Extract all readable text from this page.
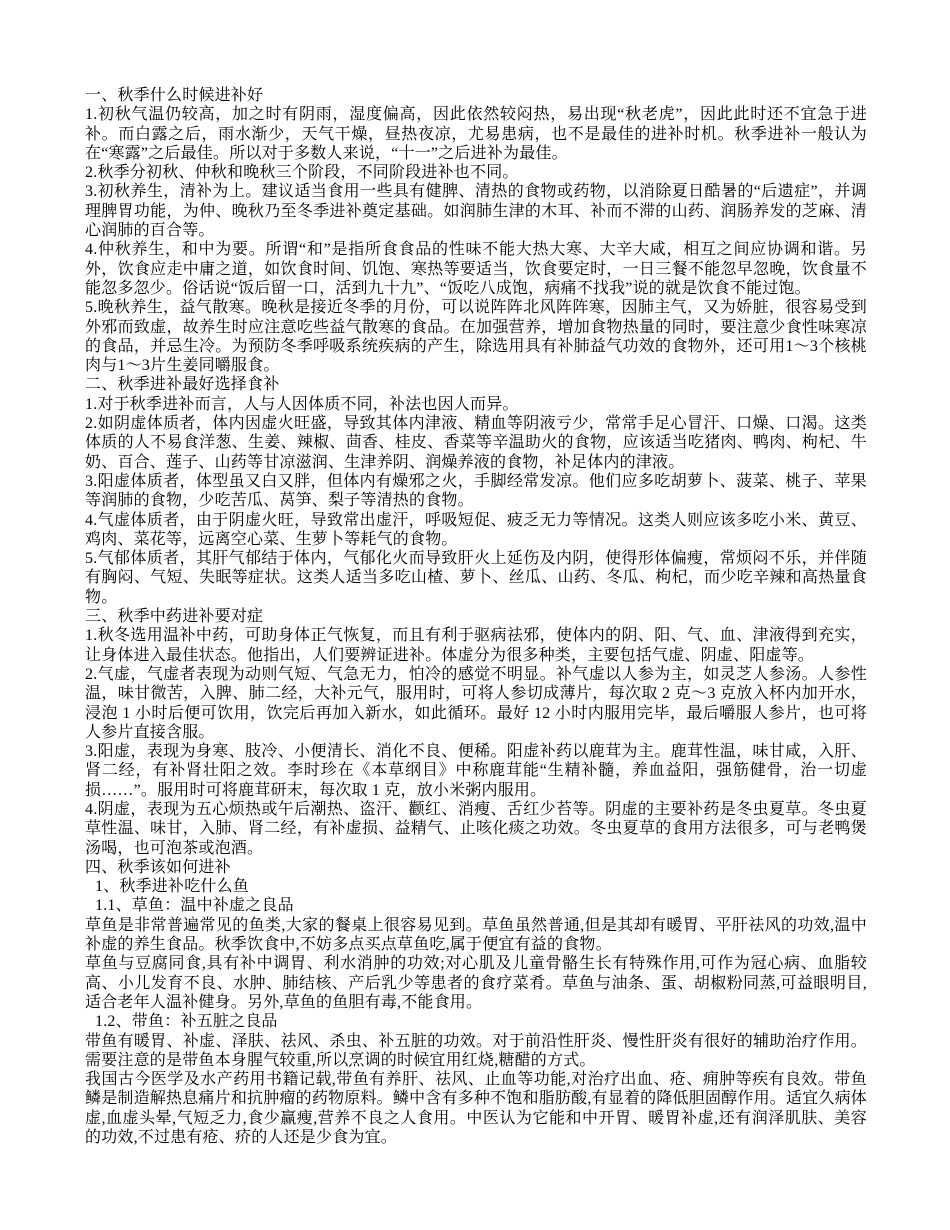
一、秋季什么时候进补好

1.初秋气温仍较高，加之时有阴雨，湿度偏高，因此依然较闷热，易出现“秋老虎”，因此此时还不宜急于进补。而白露之后，雨水渐少，天气干燥，昼热夜凉，尤易患病，也不是最佳的进补时机。秋季进补一般认为在“寒露”之后最佳。所以对于多数人来说，“十一”之后进补为最佳。

2.秋季分初秋、仲秋和晚秋三个阶段，不同阶段进补也不同。

3.初秋养生，清补为上。建议适当食用一些具有健脾、清热的食物或药物，以消除夏日酷暑的“后遗症”，并调理脾胃功能，为仲、晚秋乃至冬季进补奠定基础。如润肺生津的木耳、补而不滞的山药、润肠养发的芝麻、清心润肺的百合等。

4.仲秋养生，和中为要。所谓“和”是指所食食品的性味不能大热大寒、大辛大咸，相互之间应协调和谐。另外，饮食应走中庸之道，如饮食时间、饥饱、寒热等要适当，饮食要定时，一日三餐不能忽早忽晚，饮食量不能忽多忽少。俗话说“饭后留一口，活到九十九”、“饭吃八成饱，病痛不找我”说的就是饮食不能过饱。

5.晚秋养生，益气散寒。晚秋是接近冬季的月份，可以说阵阵北风阵阵寒，因肺主气，又为娇脏，很容易受到外邪而致虚，故养生时应注意吃些益气散寒的食品。在加强营养，增加食物热量的同时，要注意少食性味寒凉的食品，并忌生冷。为预防冬季呼吸系统疾病的产生，除选用具有补肺益气功效的食物外，还可用1～3个核桃肉与1～3片生姜同嚼服食。

二、秋季进补最好选择食补

1.对于秋季进补而言，人与人因体质不同，补法也因人而异。

2.如阴虚体质者，体内因虚火旺盛，导致其体内津液、精血等阴液亏少，常常手足心冒汗、口燥、口渴。这类体质的人不易食洋葱、生姜、辣椒、茴香、桂皮、香菜等辛温助火的食物，应该适当吃猪肉、鸭肉、枸杞、牛奶、百合、莲子、山药等甘凉滋润、生津养阴、润燥养液的食物，补足体内的津液。

3.阳虚体质者，体型虽又白又胖，但体内有燥邪之火，手脚经常发凉。他们应多吃胡萝卜、菠菜、桃子、苹果等润肺的食物，少吃苦瓜、莴笋、梨子等清热的食物。

4.气虚体质者，由于阴虚火旺，导致常出虚汗，呼吸短促、疲乏无力等情况。这类人则应该多吃小米、黄豆、鸡肉、菜花等，远离空心菜、生萝卜等耗气的食物。

5.气郁体质者，其肝气郁结于体内，气郁化火而导致肝火上延伤及内阴，使得形体偏瘦，常烦闷不乐，并伴随有胸闷、气短、失眠等症状。这类人适当多吃山楂、萝卜、丝瓜、山药、冬瓜、枸杞，而少吃辛辣和高热量食物。

三、秋季中药进补要对症

1.秋冬选用温补中药，可助身体正气恢复，而且有利于驱病祛邪，使体内的阴、阳、气、血、津液得到充实，让身体进入最佳状态。他指出，人们要辨证进补。体虚分为很多种类，主要包括气虚、阴虚、阳虚等。

2.气虚，气虚者表现为动则气短、气急无力，怕冷的感觉不明显。补气虚以人参为主，如灵芝人参汤。人参性温，味甘微苦，入脾、肺二经，大补元气，服用时，可将人参切成薄片，每次取 2 克～3 克放入杯内加开水，浸泡 1 小时后便可饮用，饮完后再加入新水，如此循环。最好 12 小时内服用完毕，最后嚼服人参片，也可将人参片直接含服。

3.阳虚，表现为身寒、肢冷、小便清长、消化不良、便稀。阳虚补药以鹿茸为主。鹿茸性温，味甘咸，入肝、肾二经，有补肾壮阳之效。李时珍在《本草纲目》中称鹿茸能“生精补髓，养血益阳，强筋健骨，治一切虚损……”。服用时可将鹿茸研末，每次取 1 克，放小米粥内服用。

4.阴虚，表现为五心烦热或午后潮热、盗汗、颧红、消瘦、舌红少苔等。阴虚的主要补药是冬虫夏草。冬虫夏草性温、味甘，入肺、肾二经，有补虚损、益精气、止咳化痰之功效。冬虫夏草的食用方法很多，可与老鸭煲汤喝，也可泡茶或泡酒。

四、秋季该如何进补

1、秋季进补吃什么鱼

1.1、草鱼：温中补虚之良品

草鱼是非常普遍常见的鱼类,大家的餐桌上很容易见到。草鱼虽然普通,但是其却有暖胃、平肝祛风的功效,温中补虚的养生食品。秋季饮食中,不妨多点买点草鱼吃,属于便宜有益的食物。

草鱼与豆腐同食,具有补中调胃、利水消肿的功效;对心肌及儿童骨骼生长有特殊作用,可作为冠心病、血脂较高、小儿发育不良、水肿、肺结核、产后乳少等患者的食疗菜肴。草鱼与油条、蛋、胡椒粉同蒸,可益眼明目,适合老年人温补健身。另外,草鱼的鱼胆有毒,不能食用。

1.2、带鱼：补五脏之良品

带鱼有暖胃、补虚、泽肤、祛风、杀虫、补五脏的功效。对于前沿性肝炎、慢性肝炎有很好的辅助治疗作用。需要注意的是带鱼本身腥气较重,所以烹调的时候宜用红烧,糖醋的方式。

我国古今医学及水产药用书籍记载,带鱼有养肝、祛风、止血等功能,对治疗出血、疮、痈肿等疾有良效。带鱼鳞是制造解热息痛片和抗肿瘤的药物原料。鳞中含有多种不饱和脂肪酸,有显着的降低胆固醇作用。适宜久病体虚,血虚头晕,气短乏力,食少赢瘦,营养不良之人食用。中医认为它能和中开胃、暖胃补虚,还有润泽肌肤、美容的功效,不过患有疮、疥的人还是少食为宜。
